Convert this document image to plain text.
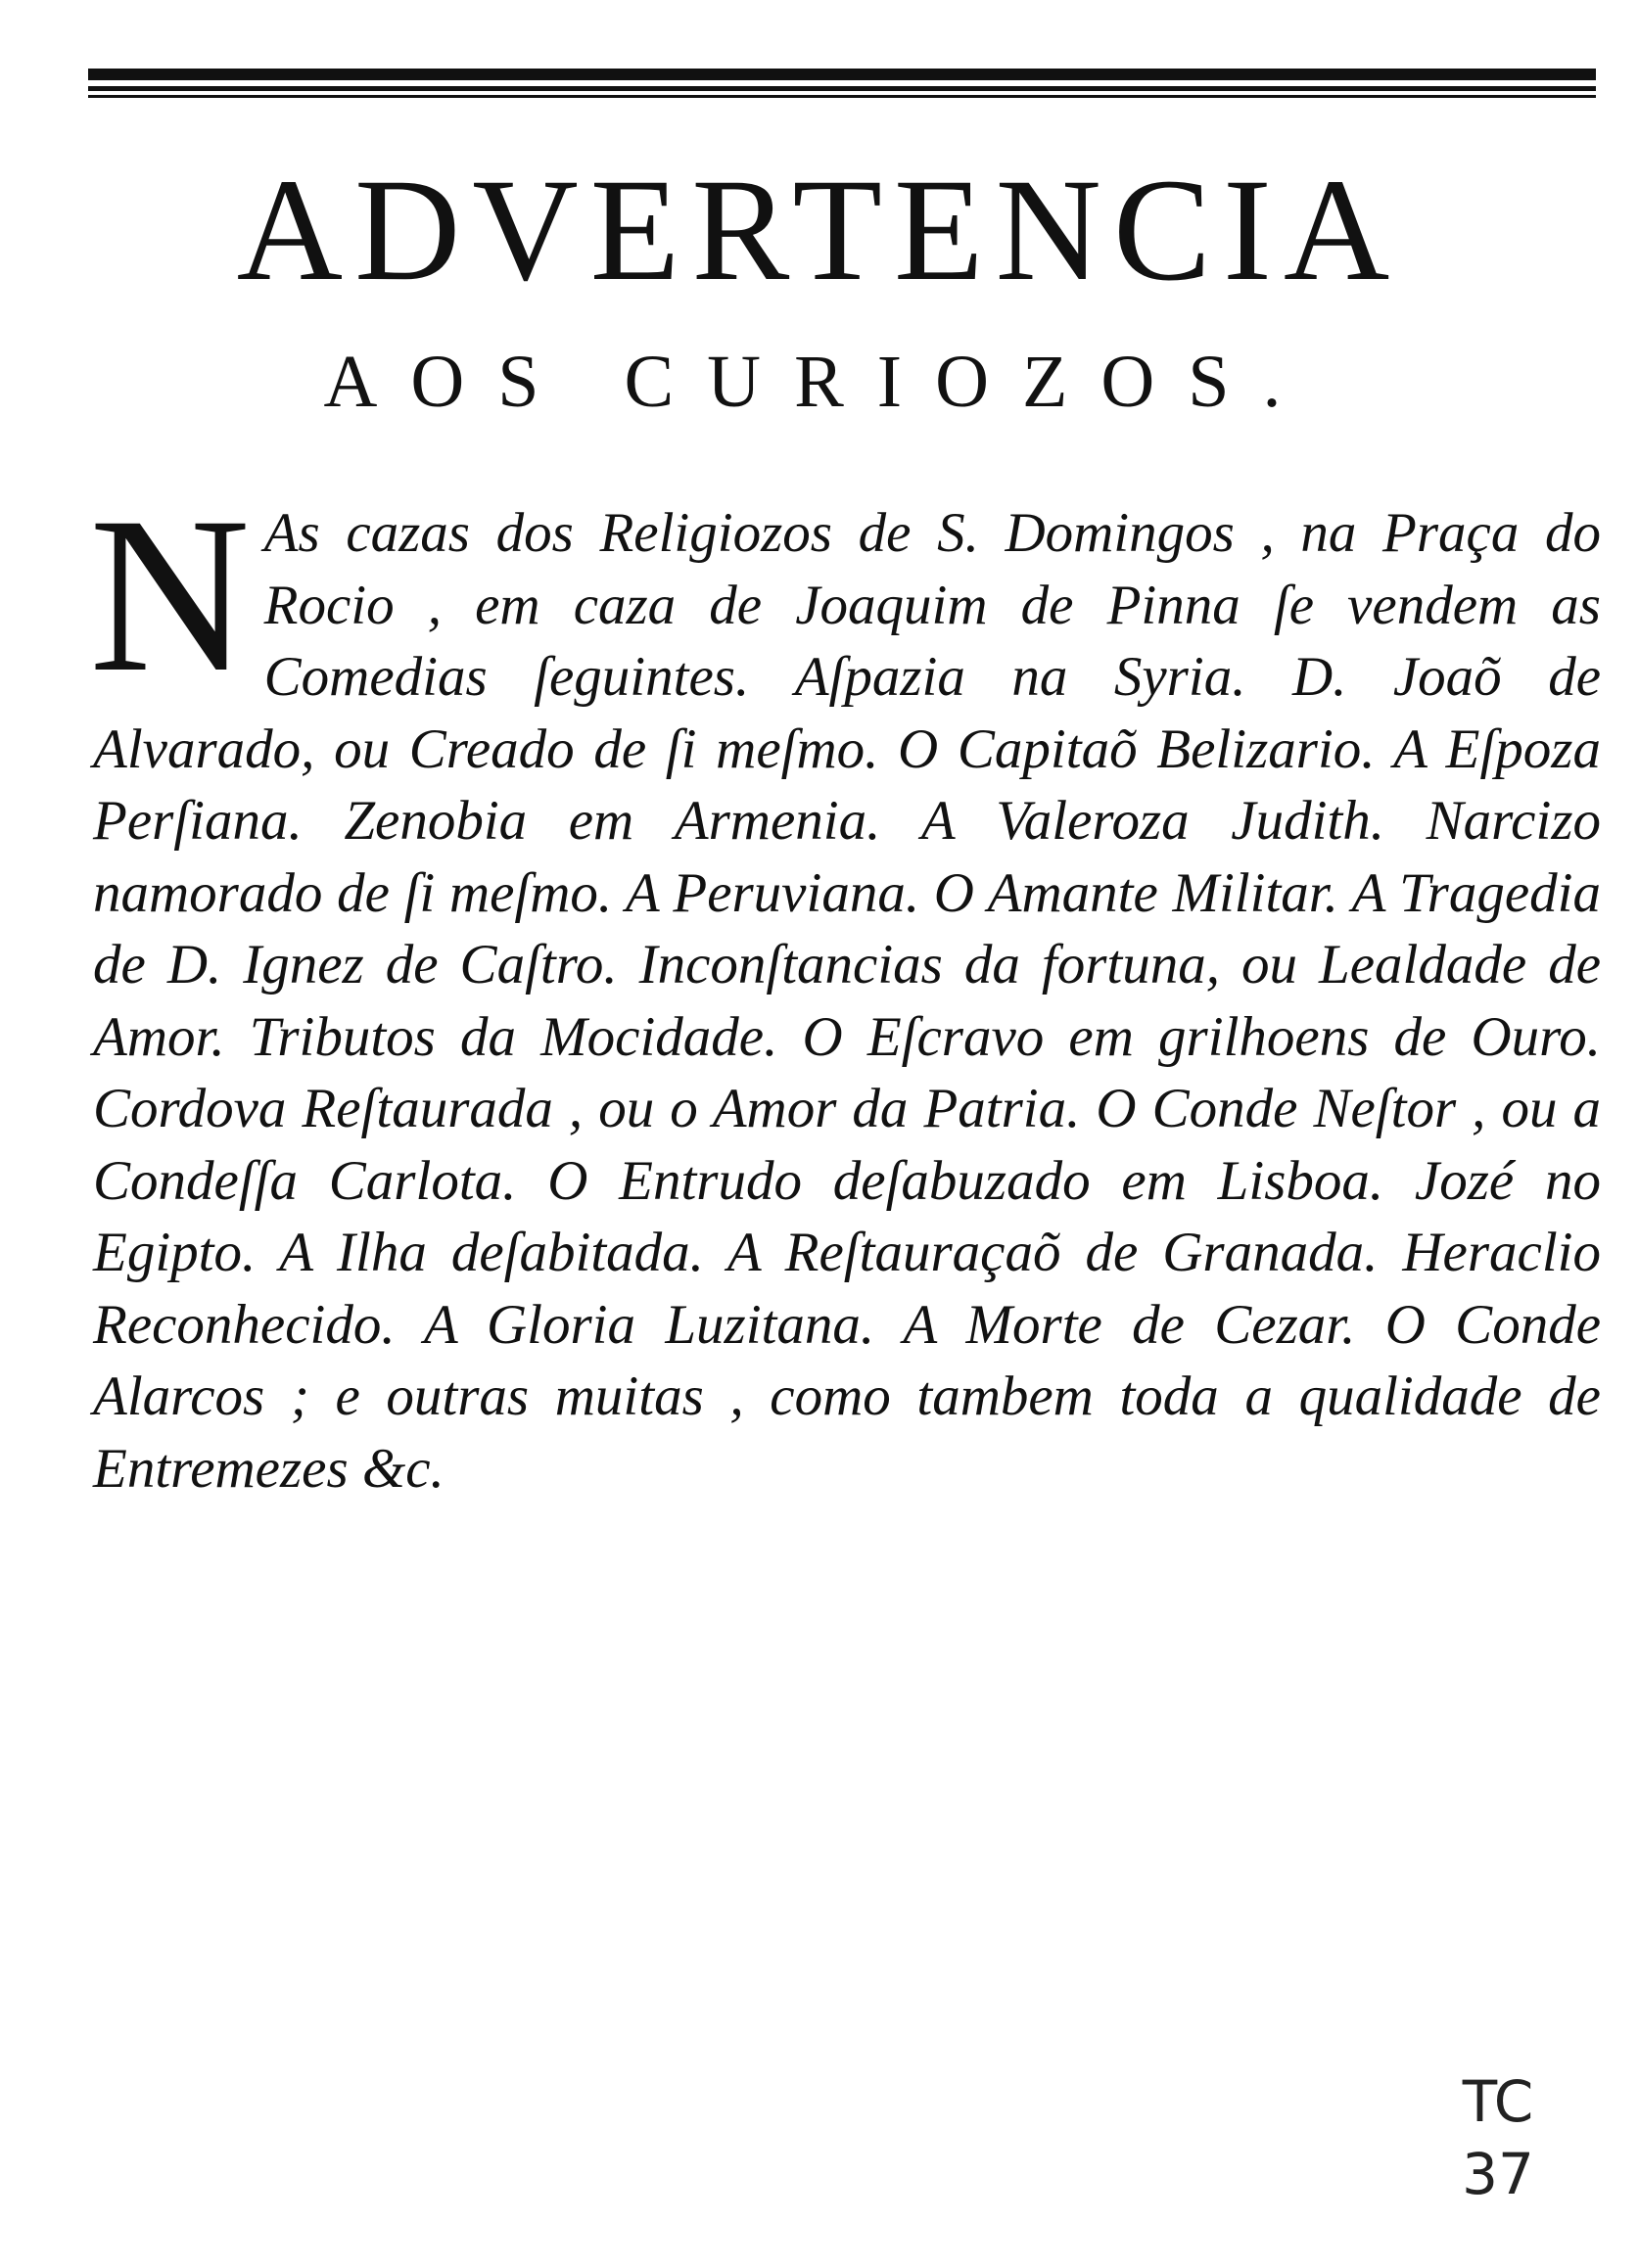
ADVERTENCIA
AOS CURIOZOS.

N As cazas dos Religiozos de S. Domingos , na Praça do Rocio , em caza de Joaquim de Pinna ſe vendem as Comedias ſeguintes. Aſpazia na Syria. D. Joaõ de Alvarado, ou Creado de ſi meſmo. O Capitaõ Belizario. A Eſpoza Perſiana. Zenobia em Armenia. A Valeroza Judith. Narcizo namorado de ſi meſmo. A Peruviana. O Amante Militar. A Tragedia de D. Ignez de Caſtro. Inconſtancias da fortuna, ou Lealdade de Amor. Tributos da Mocidade. O Eſcravo em grilhoens de Ouro. Cordova Reſtaurada , ou o Amor da Patria. O Conde Neſtor , ou a Condeſſa Carlota. O Entrudo deſabuzado em Lisboa. Jozé no Egipto. A Ilha deſabitada. A Reſtauraçaõ de Granada. Heraclio Reconhecido. A Gloria Luzitana. A Morte de Cezar. O Conde Alarcos ; e outras muitas , como tambem toda a qualidade de Entremezes &c.

TC
37
